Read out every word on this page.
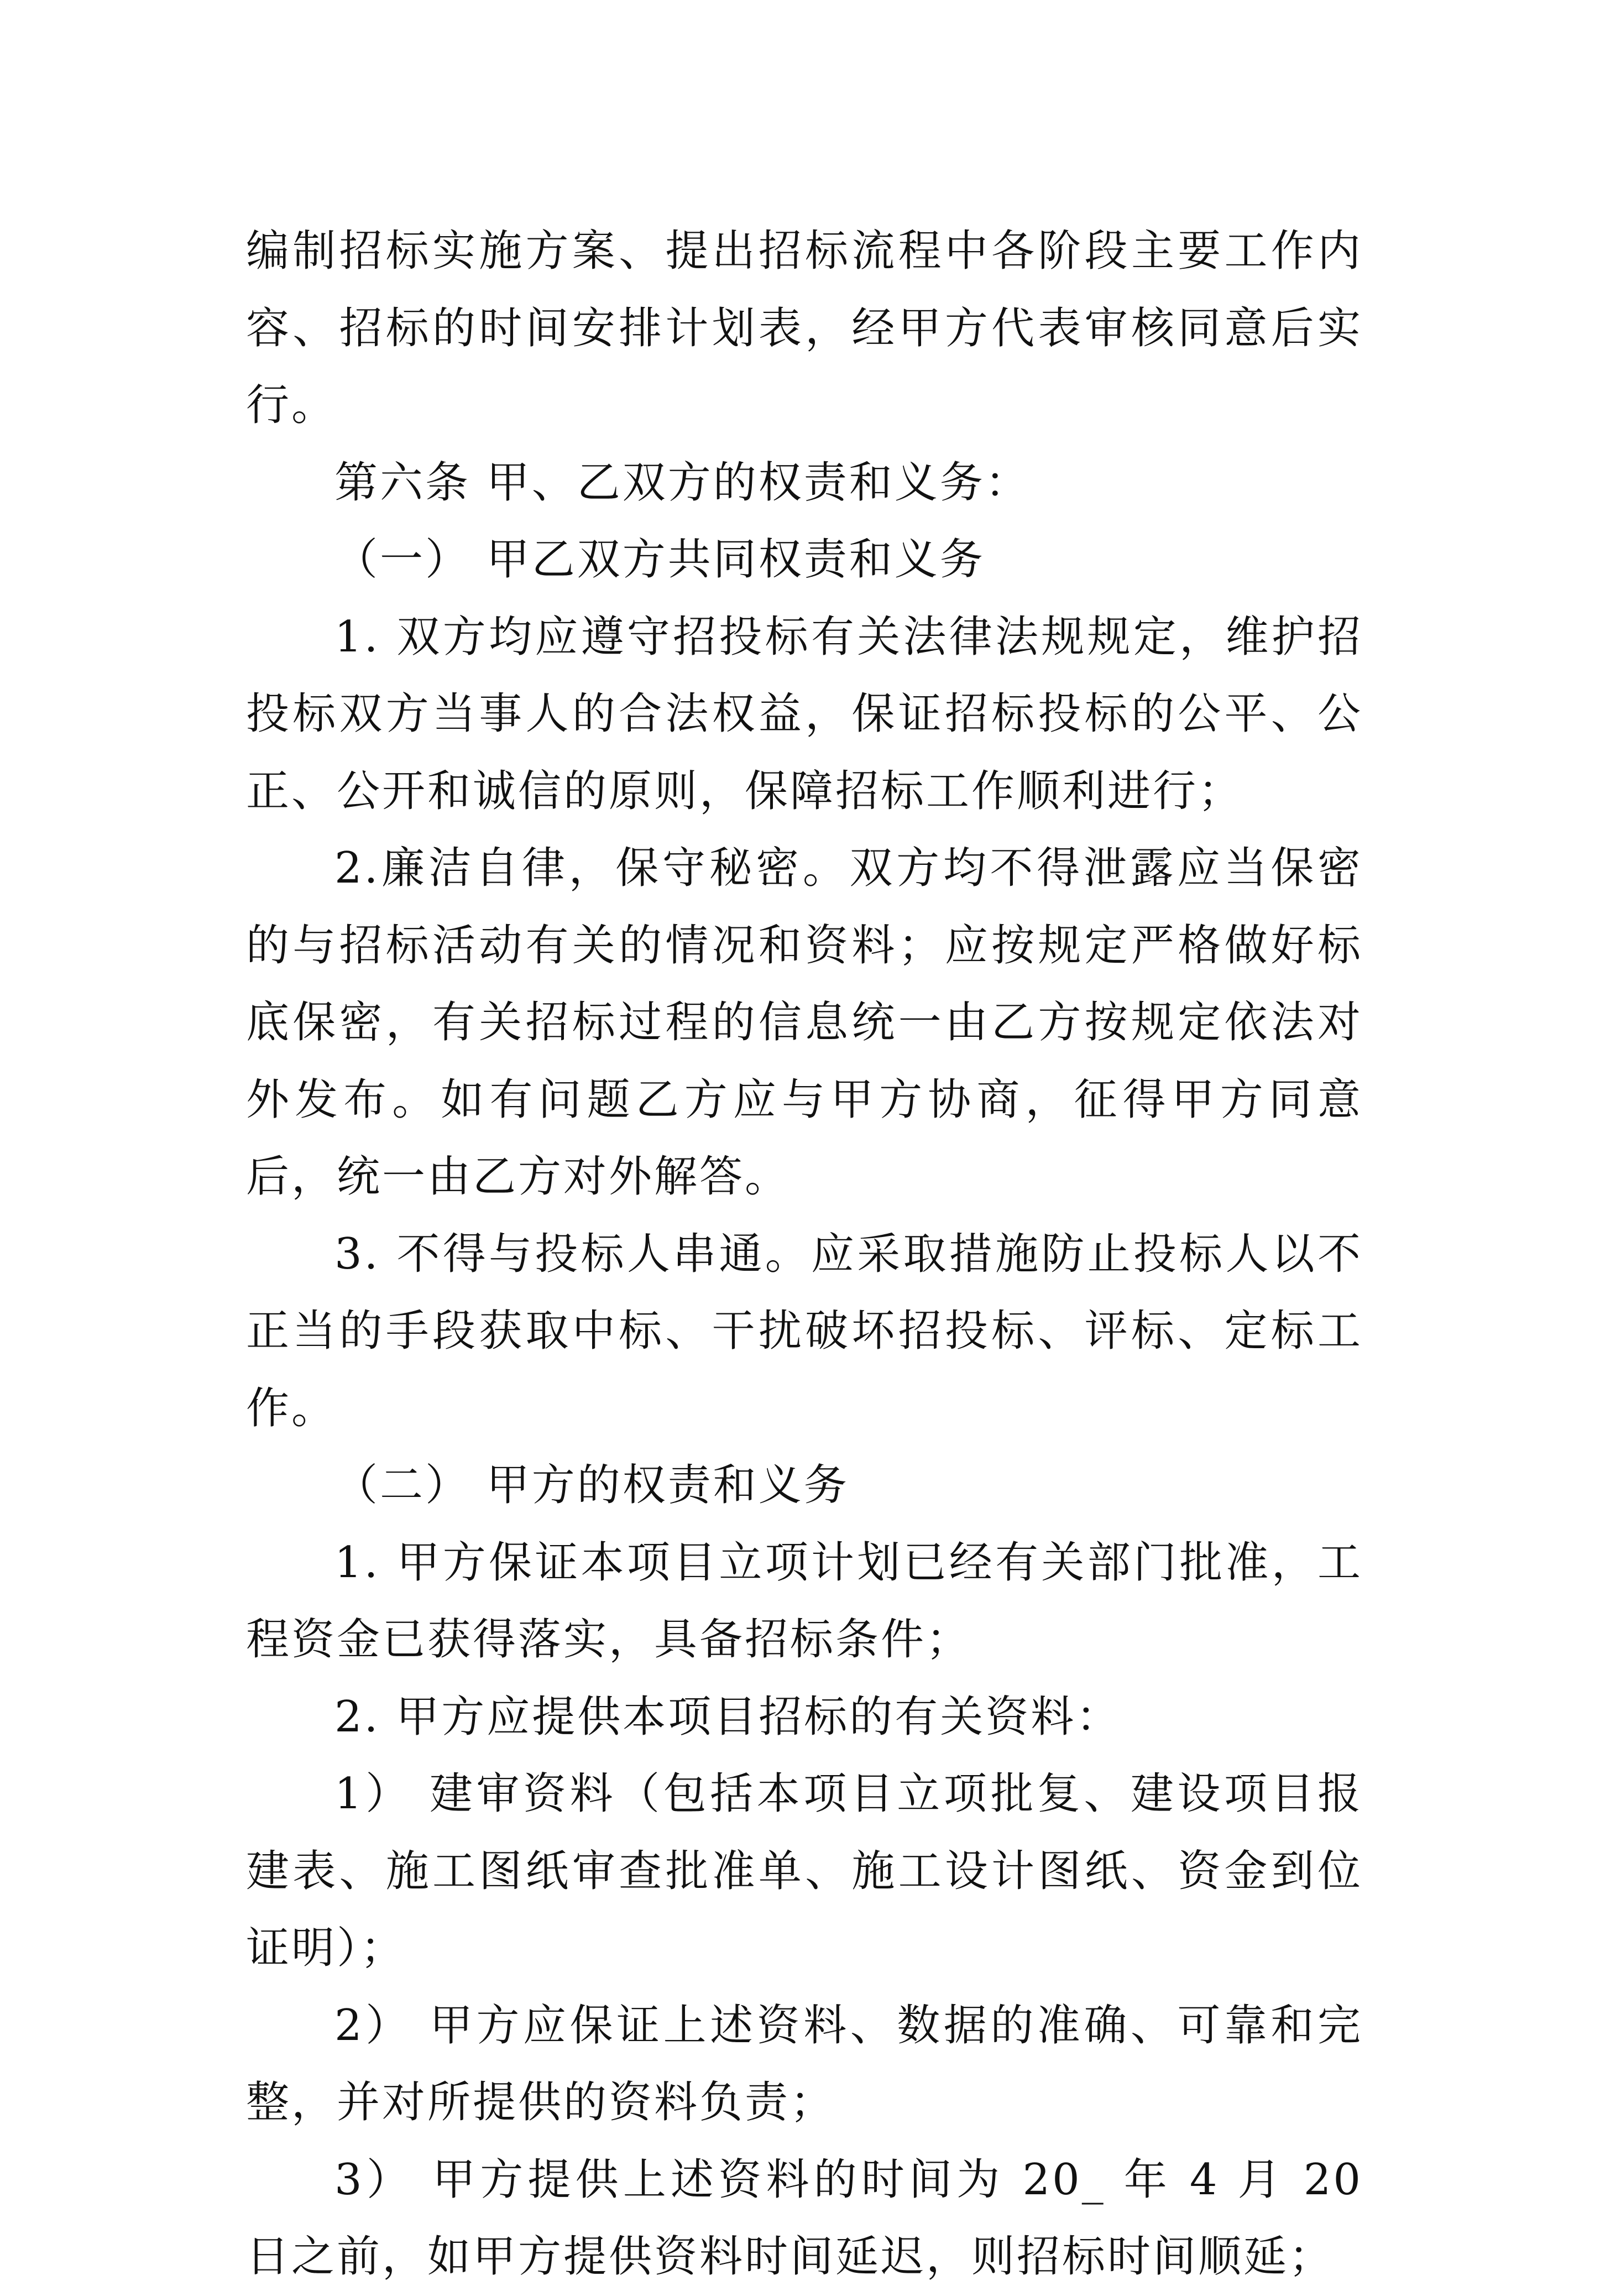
编制招标实施方案、提出招标流程中各阶段主要工作内容、招标的时间安排计划表，经甲方代表审核同意后实行。

第六条 甲、乙双方的权责和义务：

（一） 甲乙双方共同权责和义务

1. 双方均应遵守招投标有关法律法规规定，维护招投标双方当事人的合法权益，保证招标投标的公平、公正、公开和诚信的原则，保障招标工作顺利进行；

2.廉洁自律，保守秘密。双方均不得泄露应当保密的与招标活动有关的情况和资料；应按规定严格做好标底保密，有关招标过程的信息统一由乙方按规定依法对外发布。如有问题乙方应与甲方协商，征得甲方同意后，统一由乙方对外解答。

3. 不得与投标人串通。应采取措施防止投标人以不正当的手段获取中标、干扰破坏招投标、评标、定标工作。

（二） 甲方的权责和义务

1. 甲方保证本项目立项计划已经有关部门批准，工程资金已获得落实，具备招标条件；

2. 甲方应提供本项目招标的有关资料：

1） 建审资料（包括本项目立项批复、建设项目报建表、施工图纸审查批准单、施工设计图纸、资金到位证明）；

2） 甲方应保证上述资料、数据的准确、可靠和完整，并对所提供的资料负责；

3） 甲方提供上述资料的时间为 20_ 年 4 月 20 日之前，如甲方提供资料时间延迟，则招标时间顺延；
